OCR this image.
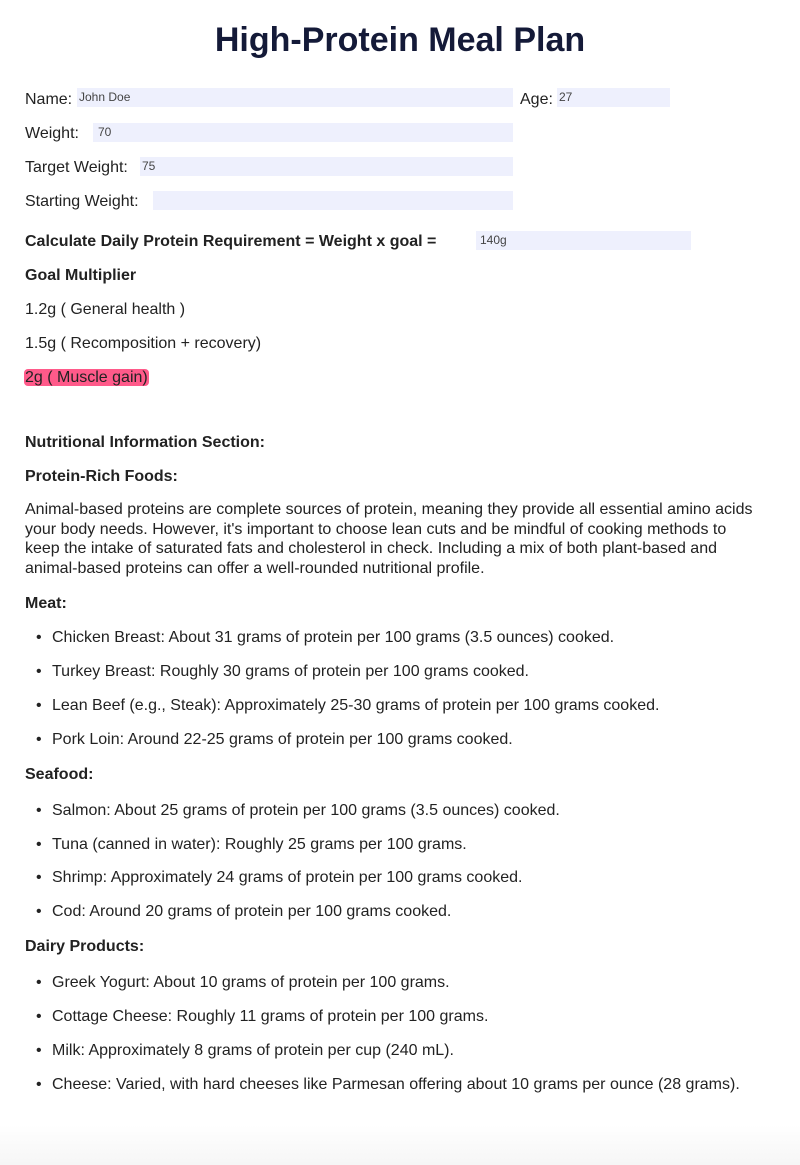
High-Protein Meal Plan
Name: John Doe	Age: 27
Weight:	70
Target Weight: 75
Starting Weight:
Calculate Daily Protein Requirement = Weight x goal =	140g
Goal Multiplier
1.2g ( General health )
1.5g ( Recomposition + recovery)
2g ( Muscle gain)
Nutritional Information Section:
Protein-Rich Foods:
Animal-based proteins are complete sources of protein, meaning they provide all essential amino acids your body needs. However, it's important to choose lean cuts and be mindful of cooking methods to keep the intake of saturated fats and cholesterol in check. Including a mix of both plant-based and animal-based proteins can offer a well-rounded nutritional profile.
Meat:
• Chicken Breast: About 31 grams of protein per 100 grams (3.5 ounces) cooked.
• Turkey Breast: Roughly 30 grams of protein per 100 grams cooked.
• Lean Beef (e.g., Steak): Approximately 25-30 grams of protein per 100 grams cooked.
• Pork Loin: Around 22-25 grams of protein per 100 grams cooked.
Seafood:
• Salmon: About 25 grams of protein per 100 grams (3.5 ounces) cooked.
• Tuna (canned in water): Roughly 25 grams per 100 grams.
• Shrimp: Approximately 24 grams of protein per 100 grams cooked.
• Cod: Around 20 grams of protein per 100 grams cooked.
Dairy Products:
• Greek Yogurt: About 10 grams of protein per 100 grams.
• Cottage Cheese: Roughly 11 grams of protein per 100 grams.
• Milk: Approximately 8 grams of protein per cup (240 mL).
• Cheese: Varied, with hard cheeses like Parmesan offering about 10 grams per ounce (28 grams).
